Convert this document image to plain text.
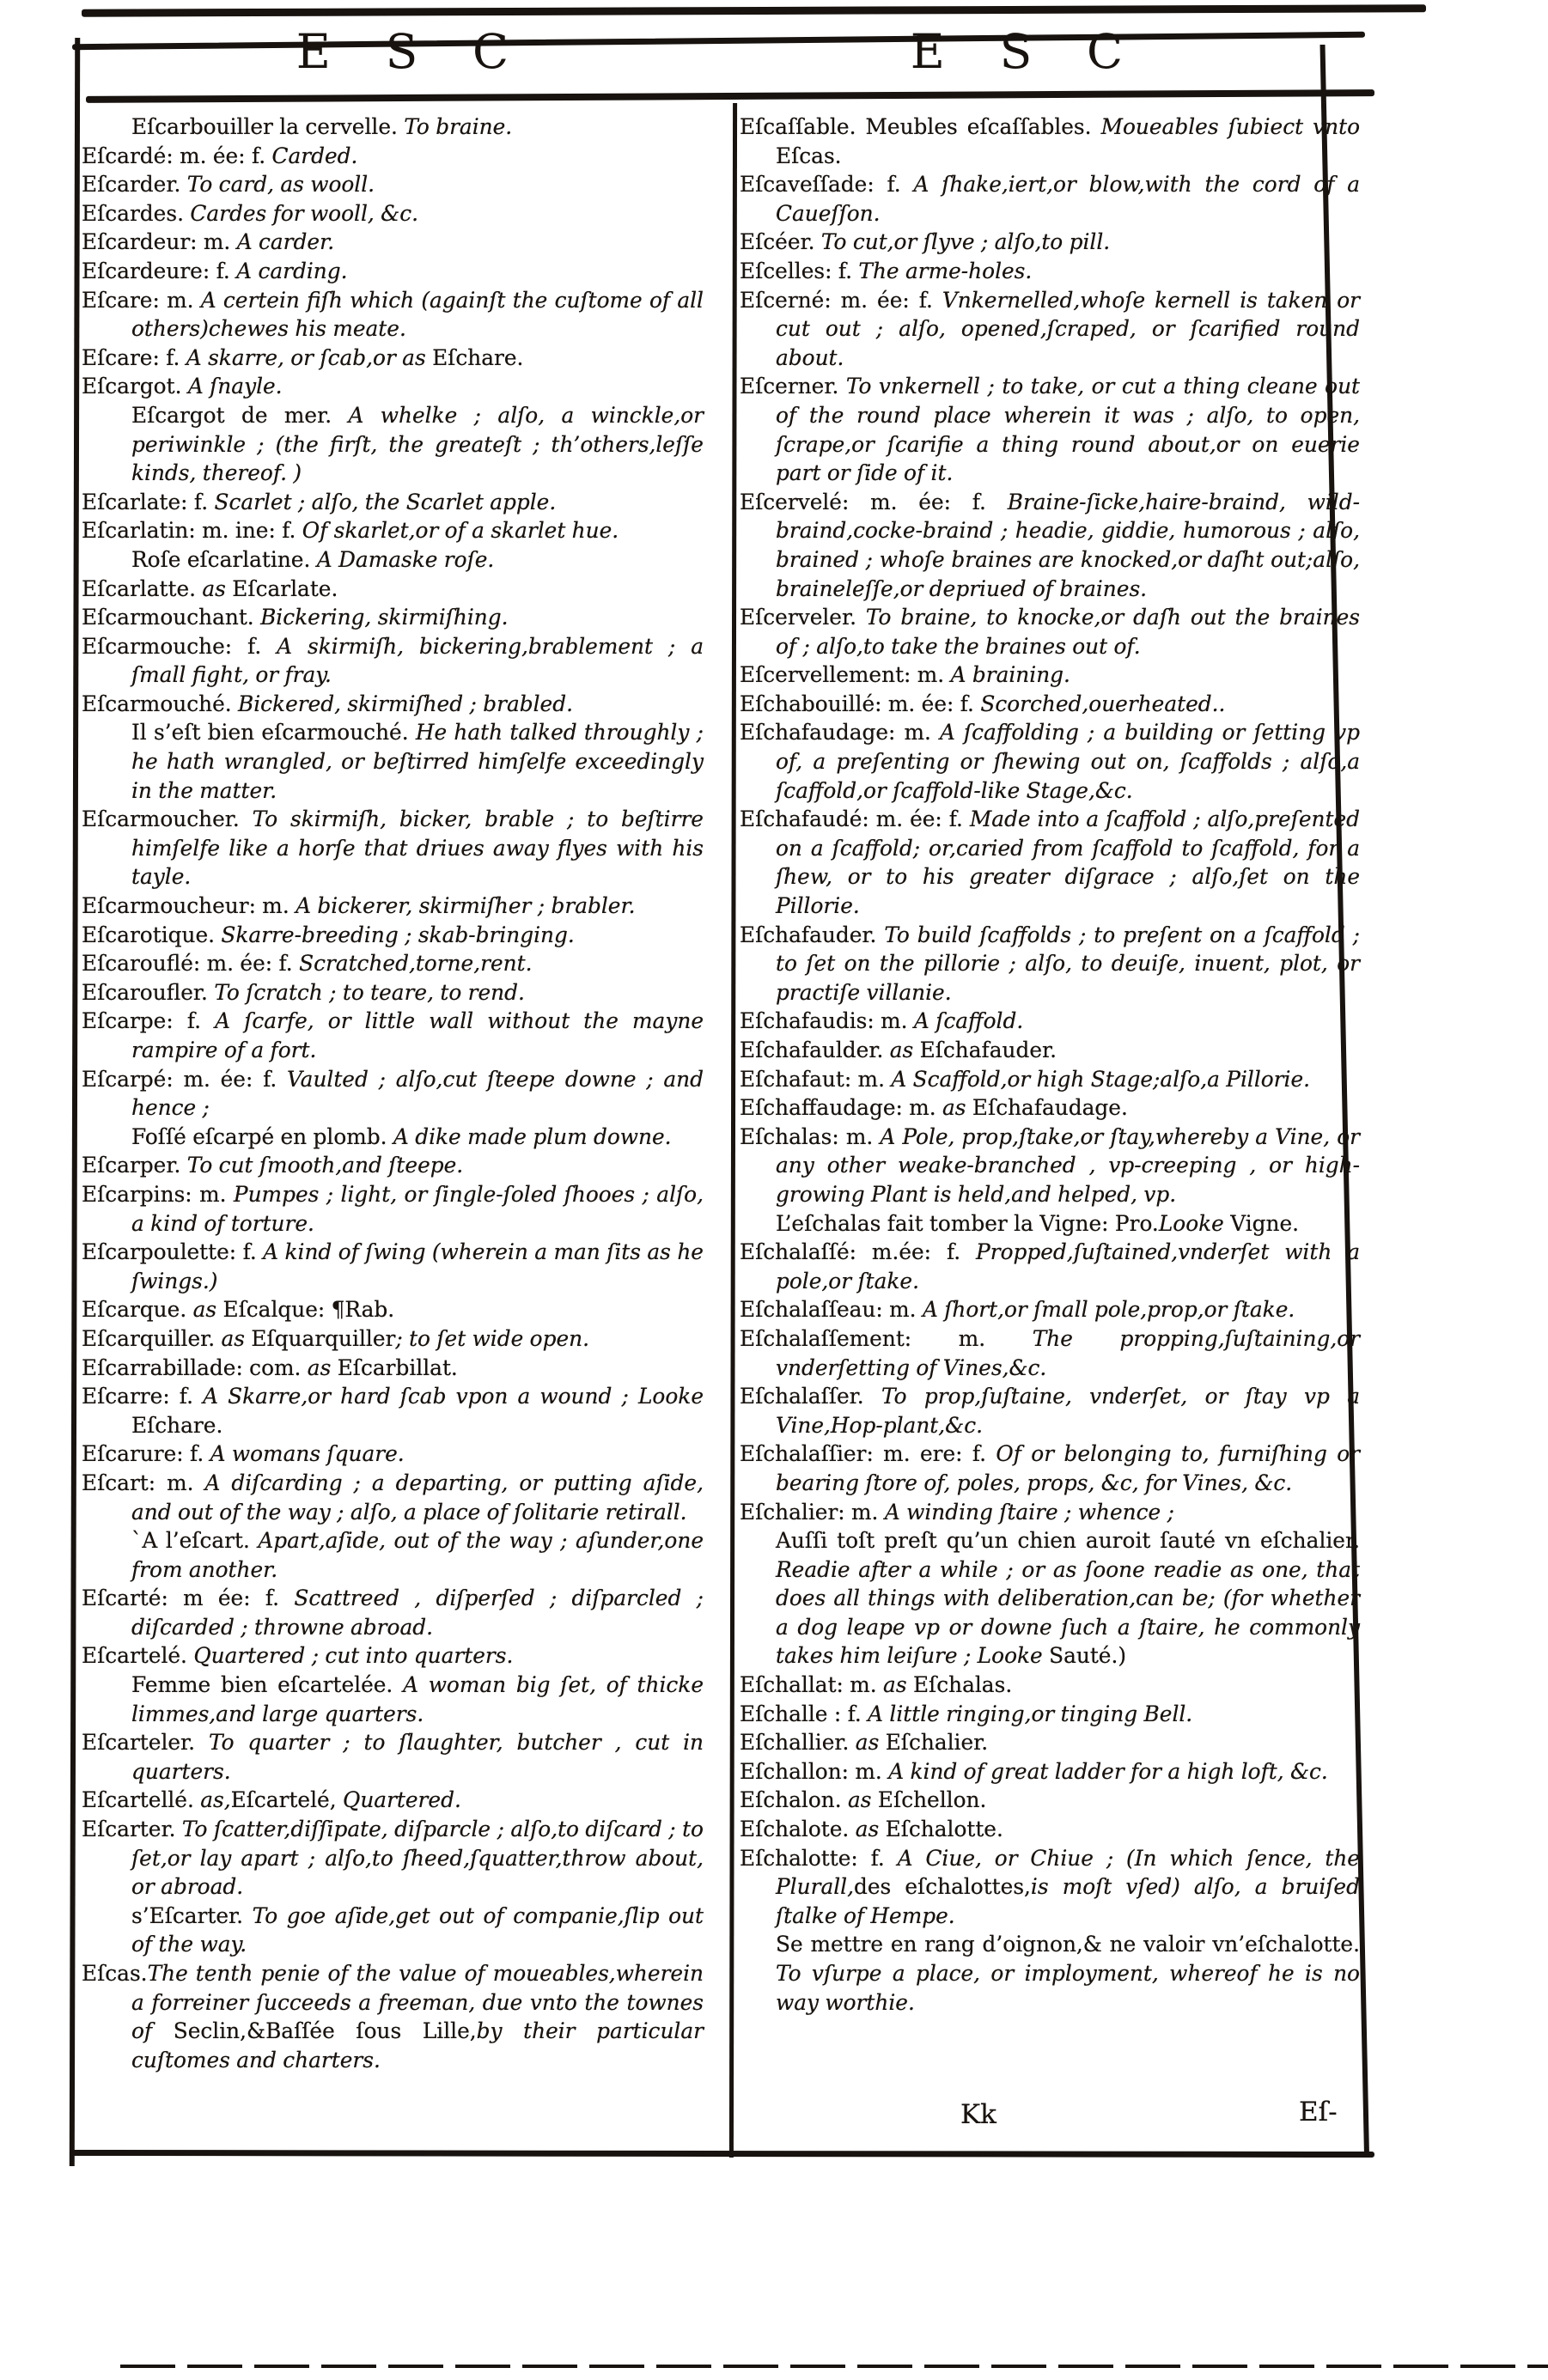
E S C	E S C

Eſcarbouiller la cervelle. To braine.

Eſcardé: m. ée: f. Carded.

Eſcarder. To card, as wooll.

Eſcardes. Cardes for wooll, &c.

Eſcardeur: m. A carder.

Eſcardeure: f. A carding.

Eſcare: m. A certein fiſh which (againſt the cuſtome of all others)chewes his meate.

Eſcare: f. A skarre, or ſcab,or as Eſchare.

Eſcargot. A ſnayle.

Eſcargot de mer. A whelke ; alſo, a winckle,or periwinkle ; (the firſt, the greateſt ; th’others,leſſe kinds, thereof. )

Eſcarlate: f. Scarlet ; alſo, the Scarlet apple.

Eſcarlatin: m. ine: f. Of skarlet,or of a skarlet hue.

Roſe eſcarlatine. A Damaske roſe.

Eſcarlatte. as Eſcarlate.

Eſcarmouchant. Bickering, skirmiſhing.

Eſcarmouche: f. A skirmiſh, bickering,brablement ; a ſmall fight, or fray.

Eſcarmouché. Bickered, skirmiſhed ; brabled.

Il s’eſt bien eſcarmouché. He hath talked throughly ; he hath wrangled, or beſtirred himſelfe exceedingly in the matter.

Eſcarmoucher. To skirmiſh, bicker, brable ; to beſtirre himſelfe like a horſe that driues away flyes with his tayle.

Eſcarmoucheur: m. A bickerer, skirmiſher ; brabler.

Eſcarotique. Skarre-breeding ; skab-bringing.

Eſcarouflé: m. ée: f. Scratched,torne,rent.

Eſcaroufler. To ſcratch ; to teare, to rend.

Eſcarpe: f. A ſcarfe, or little wall without the mayne rampire of a fort.

Eſcarpé: m. ée: f. Vaulted ; alſo,cut ſteepe downe ; and hence ;

Foſſé eſcarpé en plomb. A dike made plum downe.

Eſcarper. To cut ſmooth,and ſteepe.

Eſcarpins: m. Pumpes ; light, or ſingle-ſoled ſhooes ; alſo, a kind of torture.

Eſcarpoulette: f. A kind of ſwing (wherein a man ſits as he ſwings.)

Eſcarque. as Eſcalque: ¶Rab.

Eſcarquiller. as Eſquarquiller; to ſet wide open.

Eſcarrabillade: com. as Eſcarbillat.

Eſcarre: f. A Skarre,or hard ſcab vpon a wound ; Looke Eſchare.

Eſcarure: f. A womans ſquare.

Eſcart: m. A diſcarding ; a departing, or putting aſide, and out of the way ; alſo, a place of ſolitarie retirall.

`A l’eſcart. Apart,aſide, out of the way ; aſunder,one from another.

Eſcarté: m ée: f. Scattreed , diſperſed ; diſparcled ; diſcarded ; throwne abroad.

Eſcartelé. Quartered ; cut into quarters.

Femme bien eſcartelée. A woman big ſet, of thicke limmes,and large quarters.

Eſcarteler. To quarter ; to ſlaughter, butcher , cut in quarters.

Eſcartellé. as,Eſcartelé, Quartered.

Eſcarter. To ſcatter,diſſipate, diſparcle ; alſo,to diſcard ; to ſet,or lay apart ; alſo,to ſheed,ſquatter,throw about, or abroad.

s’Eſcarter. To goe aſide,get out of companie,ſlip out of the way.

Eſcas.The tenth penie of the value of moueables,wherein a forreiner ſucceeds a freeman, due vnto the townes of Seclin,&Baſſée ſous Lille,by their particular cuſtomes and charters.

Eſcaſſable. Meubles eſcaſſables. Moueables ſubiect vnto Eſcas.

Eſcaveſſade: f. A ſhake,iert,or blow,with the cord of a Caueſſon.

Eſcéer. To cut,or ſlyve ; alſo,to pill.

Eſcelles: f. The arme-holes.

Eſcerné: m. ée: f. Vnkernelled,whoſe kernell is taken or cut out ; alſo, opened,ſcraped, or ſcarified round about.

Eſcerner. To vnkernell ; to take, or cut a thing cleane out of the round place wherein it was ; alſo, to open, ſcrape,or ſcarifie a thing round about,or on euerie part or ſide of it.

Eſcervelé: m. ée: f. Braine-ſicke,haire-braind, wild-braind,cocke-braind ; headie, giddie, humorous ; alſo, brained ; whoſe braines are knocked,or daſht out;alſo, braineleſſe,or depriued of braines.

Eſcerveler. To braine, to knocke,or daſh out the braines of ; alſo,to take the braines out of.

Eſcervellement: m. A braining.

Eſchabouillé: m. ée: f. Scorched,ouerheated..

Eſchafaudage: m. A ſcaffolding ; a building or ſetting vp of, a preſenting or ſhewing out on, ſcaffolds ; alſo,a ſcaffold,or ſcaffold-like Stage,&c.

Eſchafaudé: m. ée: f. Made into a ſcaffold ; alſo,preſented on a ſcaffold; or,caried from ſcaffold to ſcaffold, for a ſhew, or to his greater diſgrace ; alſo,ſet on the Pillorie.

Eſchafauder. To build ſcaffolds ; to preſent on a ſcaffold ; to ſet on the pillorie ; alſo, to deuiſe, inuent, plot, or practiſe villanie.

Eſchafaudis: m. A ſcaffold.

Eſchafaulder. as Eſchafauder.

Eſchafaut: m. A Scaffold,or high Stage;alſo,a Pillorie.

Eſchaffaudage: m. as Eſchafaudage.

Eſchalas: m. A Pole, prop,ſtake,or ſtay,whereby a Vine, or any other weake-branched , vp-creeping , or high-growing Plant is held,and helped, vp.

L’eſchalas fait tomber la Vigne: Pro.Looke Vigne.

Eſchalaſſé: m.ée: f. Propped,ſuſtained,vnderſet with a pole,or ſtake.

Eſchalaſſeau: m. A ſhort,or ſmall pole,prop,or ſtake.

Eſchalaſſement: m. The propping,ſuſtaining,or vnderſetting of Vines,&c.

Eſchalaſſer. To prop,ſuſtaine, vnderſet, or ſtay vp a Vine,Hop-plant,&c.

Eſchalaſſier: m. ere: f. Of or belonging to, furniſhing or bearing ſtore of, poles, props, &c, for Vines, &c.

Eſchalier: m. A winding ſtaire ; whence ;

Auſſi toſt preſt qu’un chien auroit ſauté vn eſchalier. Readie after a while ; or as ſoone readie as one, that does all things with deliberation,can be; (for whether a dog leape vp or downe ſuch a ſtaire, he commonly takes him leiſure ; Looke Sauté.)

Eſchallat: m. as Eſchalas.

Eſchalle : f. A little ringing,or tinging Bell.

Eſchallier. as Eſchalier.

Eſchallon: m. A kind of great ladder for a high loft, &c.

Eſchalon. as Eſchellon.

Eſchalote. as Eſchalotte.

Eſchalotte: f. A Ciue, or Chiue ; (In which ſence, the Plurall,des eſchalottes,is moſt vſed) alſo, a bruiſed ſtalke of Hempe.

Se mettre en rang d’oignon,& ne valoir vn’eſchalotte. To vſurpe a place, or imployment, whereof he is no way worthie.

Kk	Eſ-
